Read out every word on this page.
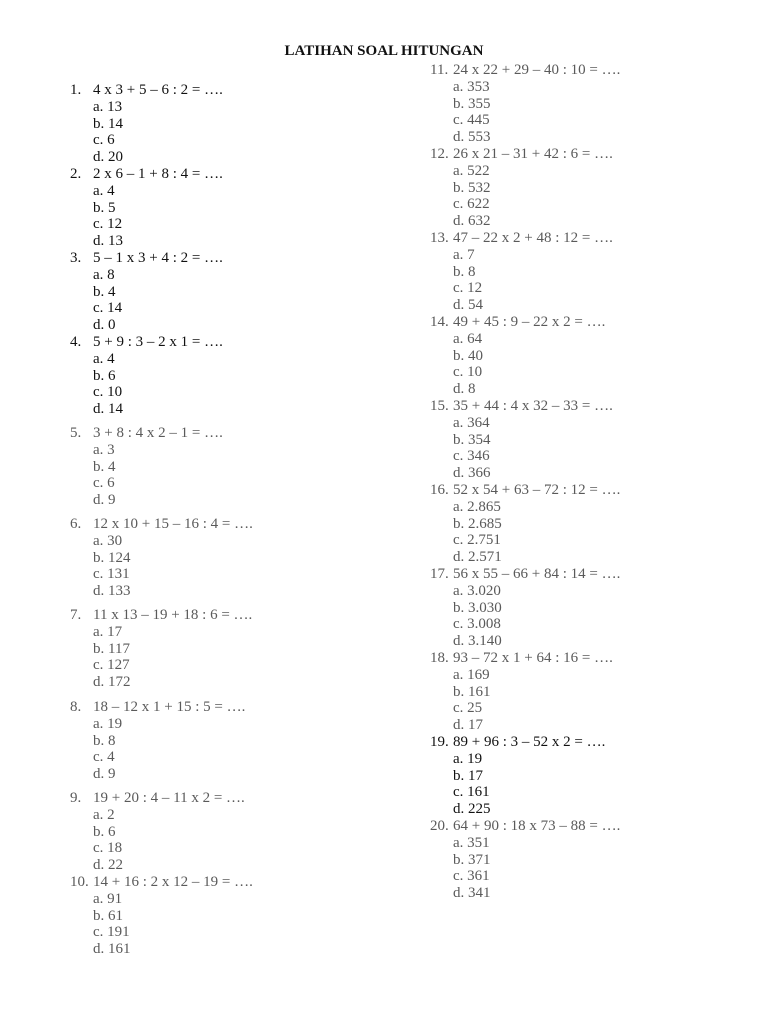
LATIHAN SOAL HITUNGAN
1. 4 x 3 + 5 – 6 : 2 = ….
a. 13
b. 14
c. 6
d. 20
2. 2 x 6 – 1 + 8 : 4 = ….
a. 4
b. 5
c. 12
d. 13
3. 5 – 1 x 3 + 4 : 2 = ….
a. 8
b. 4
c. 14
d. 0
4. 5 + 9 : 3 – 2 x 1 = ….
a. 4
b. 6
c. 10
d. 14
5. 3 + 8 : 4 x 2 – 1 = ….
a. 3
b. 4
c. 6
d. 9
6. 12 x 10 + 15 – 16 : 4 = ….
a. 30
b. 124
c. 131
d. 133
7. 11 x 13 – 19 + 18 : 6 = ….
a. 17
b. 117
c. 127
d. 172
8. 18 – 12 x 1 + 15 : 5 = ….
a. 19
b. 8
c. 4
d. 9
9. 19 + 20 : 4 – 11 x 2 = ….
a. 2
b. 6
c. 18
d. 22
10. 14 + 16 : 2 x 12 – 19 = ….
a. 91
b. 61
c. 191
d. 161
11. 24 x 22 + 29 – 40 : 10 = ….
a. 353
b. 355
c. 445
d. 553
12. 26 x 21 – 31 + 42 : 6 = ….
a. 522
b. 532
c. 622
d. 632
13. 47 – 22 x 2 + 48 : 12 = ….
a. 7
b. 8
c. 12
d. 54
14. 49 + 45 : 9 – 22 x 2 = ….
a. 64
b. 40
c. 10
d. 8
15. 35 + 44 : 4 x 32 – 33 = ….
a. 364
b. 354
c. 346
d. 366
16. 52 x 54 + 63 – 72 : 12 = ….
a. 2.865
b. 2.685
c. 2.751
d. 2.571
17. 56 x 55 – 66 + 84 : 14 = ….
a. 3.020
b. 3.030
c. 3.008
d. 3.140
18. 93 – 72 x 1 + 64 : 16 = ….
a. 169
b. 161
c. 25
d. 17
19. 89 + 96 : 3 – 52 x 2 = ….
a. 19
b. 17
c. 161
d. 225
20. 64 + 90 : 18 x 73 – 88 = ….
a. 351
b. 371
c. 361
d. 341
